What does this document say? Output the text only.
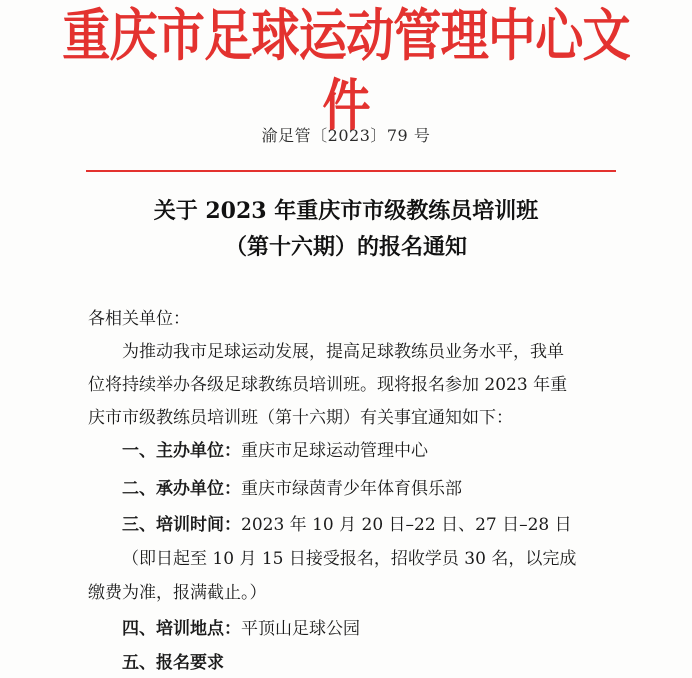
重庆市足球运动管理中心文件
渝足管〔2023〕79 号
关于 2023 年重庆市市级教练员培训班
（第十六期）的报名通知
各相关单位：
为推动我市足球运动发展，提高足球教练员业务水平，我单
位将持续举办各级足球教练员培训班。现将报名参加 2023 年重
庆市市级教练员培训班（第十六期）有关事宜通知如下：
一、主办单位：重庆市足球运动管理中心
二、承办单位：重庆市绿茵青少年体育俱乐部
三、培训时间：2023 年 10 月 20 日–22 日、27 日–28 日
（即日起至 10 月 15 日接受报名，招收学员 30 名，以完成
缴费为准，报满截止。）
四、培训地点：平顶山足球公园
五、报名要求
